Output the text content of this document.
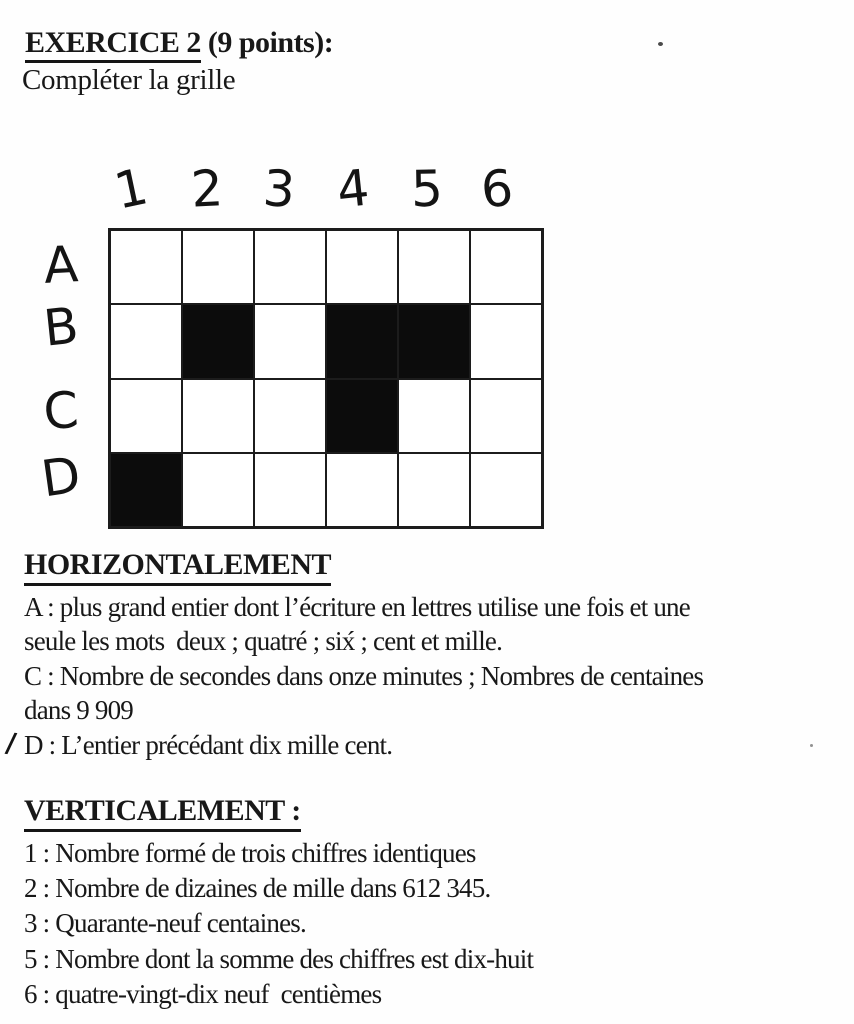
EXERCICE 2 (9 points):
Compléter la grille
1 2 3 4 5 6
A
B
C
D
HORIZONTALEMENT
A : plus grand entier dont l’écriture en lettres utilise une fois et une
seule les mots  deux ; quatré ; six́ ; cent et mille.
C : Nombre de secondes dans onze minutes ; Nombres de centaines
dans 9 909
D : L’entier précédant dix mille cent.
/
VERTICALEMENT :
1 : Nombre formé de trois chiffres identiques
2 : Nombre de dizaines de mille dans 612 345.
3 : Quarante-neuf centaines.
5 : Nombre dont la somme des chiffres est dix-huit
6 : quatre-vingt-dix neuf  centièmes
